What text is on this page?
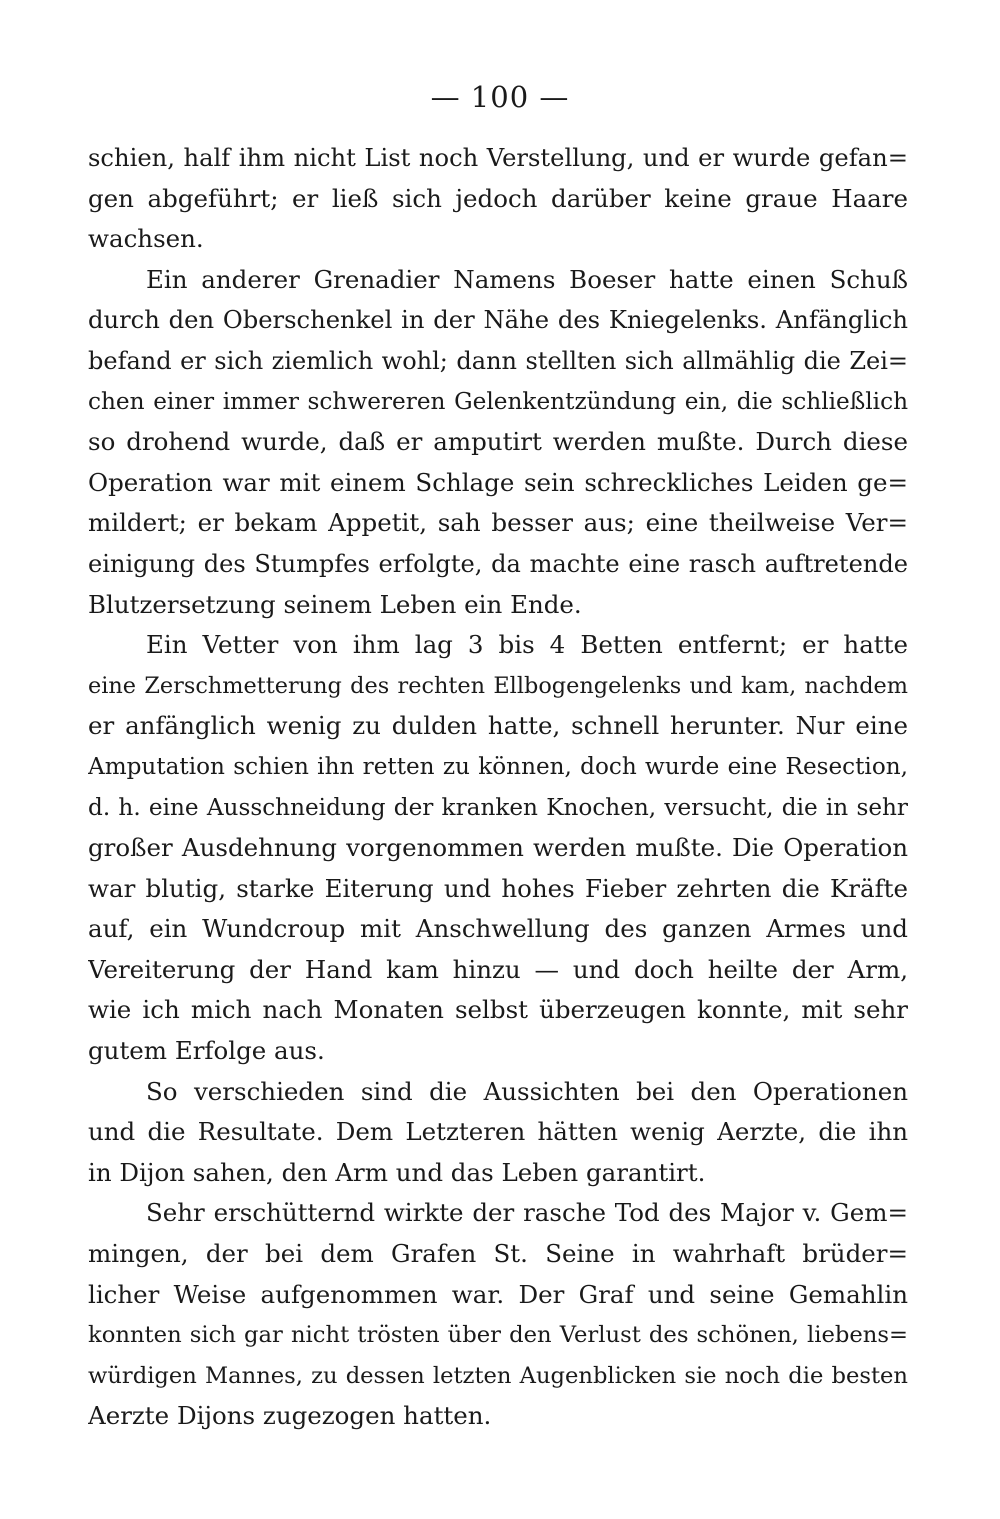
— 100 —
schien, half ihm nicht List noch Verstellung, und er wurde gefan=
gen abgeführt; er ließ sich jedoch darüber keine graue Haare
wachsen.
Ein anderer Grenadier Namens Boeser hatte einen Schuß
durch den Oberschenkel in der Nähe des Kniegelenks. Anfänglich
befand er sich ziemlich wohl; dann stellten sich allmählig die Zei=
chen einer immer schwereren Gelenkentzündung ein, die schließlich
so drohend wurde, daß er amputirt werden mußte. Durch diese
Operation war mit einem Schlage sein schreckliches Leiden ge=
mildert; er bekam Appetit, sah besser aus; eine theilweise Ver=
einigung des Stumpfes erfolgte, da machte eine rasch auftretende
Blutzersetzung seinem Leben ein Ende.
Ein Vetter von ihm lag 3 bis 4 Betten entfernt; er hatte
eine Zerschmetterung des rechten Ellbogengelenks und kam, nachdem
er anfänglich wenig zu dulden hatte, schnell herunter. Nur eine
Amputation schien ihn retten zu können, doch wurde eine Resection,
d. h. eine Ausschneidung der kranken Knochen, versucht, die in sehr
großer Ausdehnung vorgenommen werden mußte. Die Operation
war blutig, starke Eiterung und hohes Fieber zehrten die Kräfte
auf, ein Wundcroup mit Anschwellung des ganzen Armes und
Vereiterung der Hand kam hinzu — und doch heilte der Arm,
wie ich mich nach Monaten selbst überzeugen konnte, mit sehr
gutem Erfolge aus.
So verschieden sind die Aussichten bei den Operationen
und die Resultate. Dem Letzteren hätten wenig Aerzte, die ihn
in Dijon sahen, den Arm und das Leben garantirt.
Sehr erschütternd wirkte der rasche Tod des Major v. Gem=
mingen, der bei dem Grafen St. Seine in wahrhaft brüder=
licher Weise aufgenommen war. Der Graf und seine Gemahlin
konnten sich gar nicht trösten über den Verlust des schönen, liebens=
würdigen Mannes, zu dessen letzten Augenblicken sie noch die besten
Aerzte Dijons zugezogen hatten.
